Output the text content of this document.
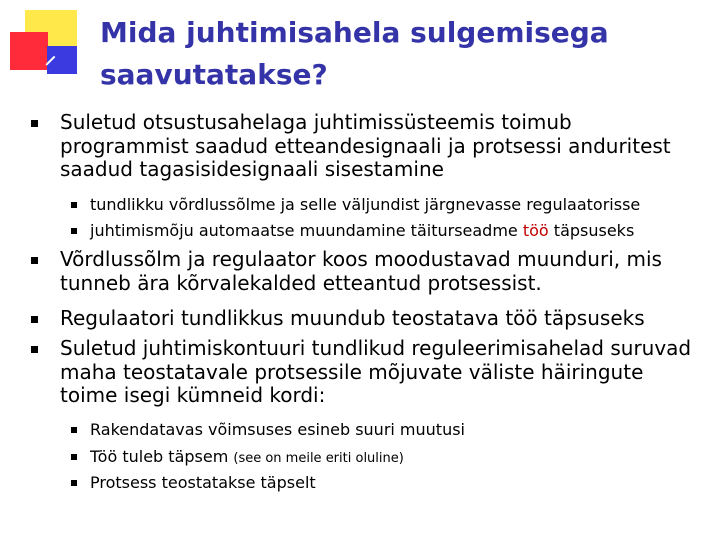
Mida juhtimisahela sulgemisega saavutatakse?
Suletud otsustusahelaga juhtimissüsteemis toimub programmist saadud etteandesignaali ja protsessi anduritest saadud tagasisidesignaali sisestamine
tundlikku võrdlussõlme ja selle väljundist järgnevasse regulaatorisse
juhtimismõju automaatse muundamine täiturseadme töö täpsuseks
Võrdlussõlm ja regulaator koos moodustavad muunduri, mis tunneb ära kõrvalekalded etteantud protsessist.
Regulaatori tundlikkus muundub teostatava töö täpsuseks
Suletud juhtimiskontuuri tundlikud reguleerimisahelad suruvad maha teostatavale protsessile mõjuvate väliste häiringute toime isegi kümneid kordi:
Rakendatavas võimsuses esineb suuri muutusi
Töö tuleb täpsem (see on meile eriti oluline)
Protsess teostatakse täpselt
